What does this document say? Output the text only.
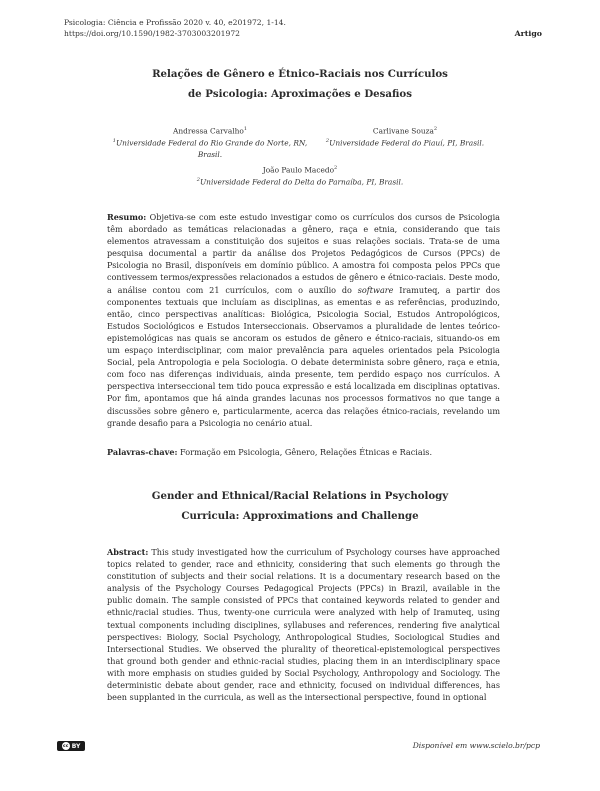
Psicologia: Ciência e Profissão 2020 v. 40, e201972, 1-14.
https://doi.org/10.1590/1982-3703003201972	Artigo
Relações de Gênero e Étnico-Raciais nos Currículos
de Psicologia: Aproximações e Desafios
Andressa Carvalho$^1$
$^1$Universidade Federal do Rio Grande do Norte, RN, Brasil.
Carlivane Souza$^2$
$^2$Universidade Federal do Piauí, PI, Brasil.
João Paulo Macedo$^2$
$^2$Universidade Federal do Delta do Parnaíba, PI, Brasil.
Resumo: Objetiva-se com este estudo investigar como os currículos dos cursos de Psicologia têm abordado as temáticas relacionadas a gênero, raça e etnia, considerando que tais elementos atravessam a constituição dos sujeitos e suas relações sociais. Trata-se de uma pesquisa documental a partir da análise dos Projetos Pedagógicos de Cursos (PPCs) de Psicologia no Brasil, disponíveis em domínio público. A amostra foi composta pelos PPCs que contivessem termos/expressões relacionados a estudos de gênero e étnico-raciais. Deste modo, a análise contou com 21 currículos, com o auxílio do software Iramuteq, a partir dos componentes textuais que incluíam as disciplinas, as ementas e as referências, produzindo, então, cinco perspectivas analíticas: Biológica, Psicologia Social, Estudos Antropológicos, Estudos Sociológicos e Estudos Interseccionais. Observamos a pluralidade de lentes teórico-epistemológicas nas quais se ancoram os estudos de gênero e étnico-raciais, situando-os em um espaço interdisciplinar, com maior prevalência para aqueles orientados pela Psicologia Social, pela Antropologia e pela Sociologia. O debate determinista sobre gênero, raça e etnia, com foco nas diferenças individuais, ainda presente, tem perdido espaço nos currículos. A perspectiva interseccional tem tido pouca expressão e está localizada em disciplinas optativas. Por fim, apontamos que há ainda grandes lacunas nos processos formativos no que tange a discussões sobre gênero e, particularmente, acerca das relações étnico-raciais, revelando um grande desafio para a Psicologia no cenário atual.
Palavras-chave: Formação em Psicologia, Gênero, Relações Étnicas e Raciais.
Gender and Ethnical/Racial Relations in Psychology
Curricula: Approximations and Challenge
Abstract: This study investigated how the curriculum of Psychology courses have approached topics related to gender, race and ethnicity, considering that such elements go through the constitution of subjects and their social relations. It is a documentary research based on the analysis of the Psychology Courses Pedagogical Projects (PPCs) in Brazil, available in the public domain. The sample consisted of PPCs that contained keywords related to gender and ethnic/racial studies. Thus, twenty-one curricula were analyzed with help of Iramuteq, using textual components including disciplines, syllabuses and references, rendering five analytical perspectives: Biology, Social Psychology, Anthropological Studies, Sociological Studies and Intersectional Studies. We observed the plurality of theoretical-epistemological perspectives that ground both gender and ethnic-racial studies, placing them in an interdisciplinary space with more emphasis on studies guided by Social Psychology, Anthropology and Sociology. The deterministic debate about gender, race and ethnicity, focused on individual differences, has been supplanted in the curricula, as well as the intersectional perspective, found in optional
cc BY	Disponível em www.scielo.br/pcp
